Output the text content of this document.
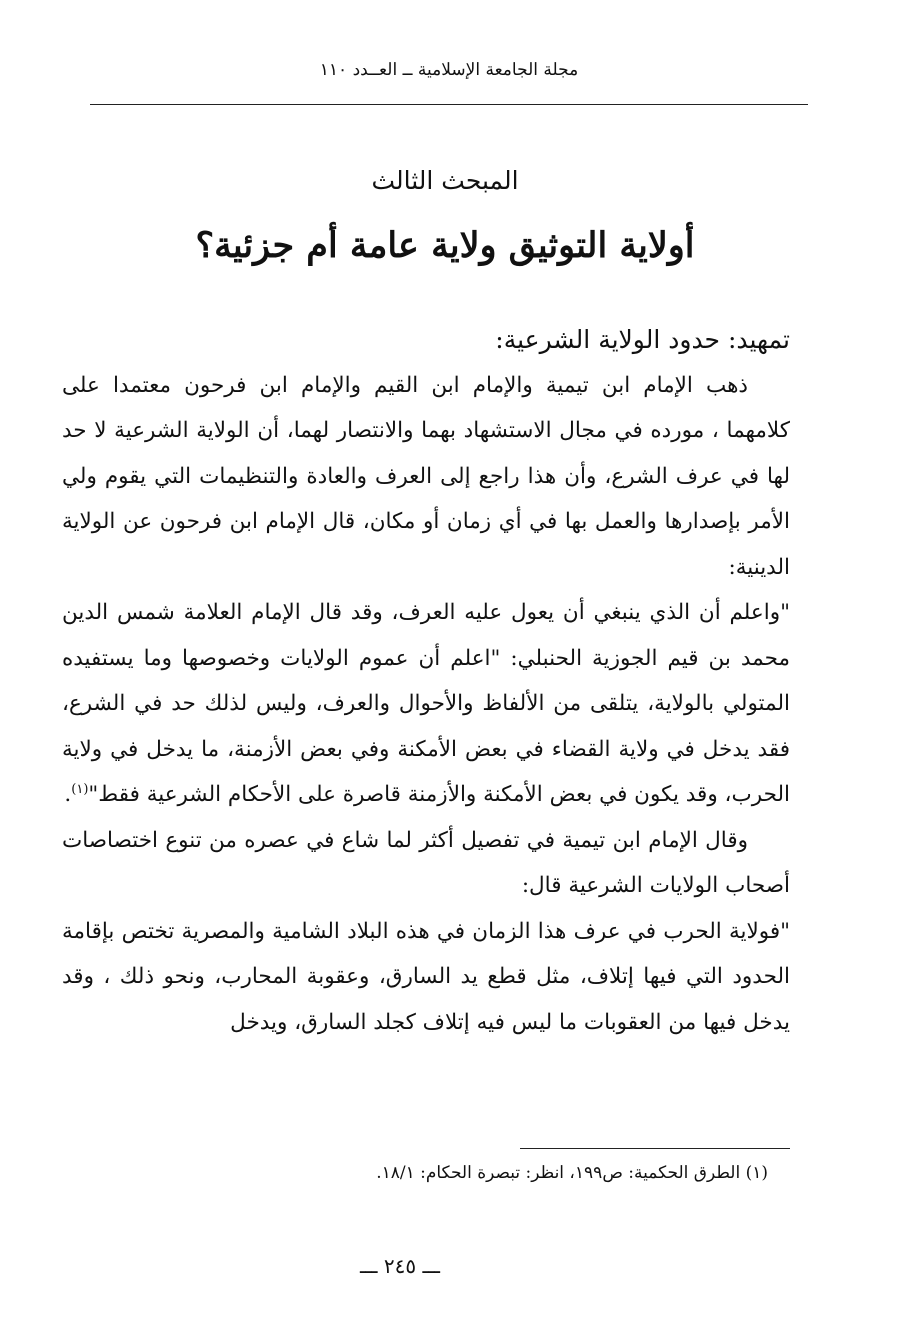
مجلة الجامعة الإسلامية ــ العــدد ١١٠
المبحث الثالث
أولاية التوثيق ولاية عامة أم جزئية؟

تمهيد: حدود الولاية الشرعية:

ذهب الإمام ابن تيمية والإمام ابن القيم والإمام ابن فرحون معتمدا على كلامهما ، مورده في مجال الاستشهاد بهما والانتصار لهما، أن الولاية الشرعية لا حد لها في عرف الشرع، وأن هذا راجع إلى العرف والعادة والتنظيمات التي يقوم ولي الأمر بإصدارها والعمل بها في أي زمان أو مكان، قال الإمام ابن فرحون عن الولاية الدينية:

"واعلم أن الذي ينبغي أن يعول عليه العرف، وقد قال الإمام العلامة شمس الدين محمد بن قيم الجوزية الحنبلي: "اعلم أن عموم الولايات وخصوصها وما يستفيده المتولي بالولاية، يتلقى من الألفاظ والأحوال والعرف، وليس لذلك حد في الشرع، فقد يدخل في ولاية القضاء في بعض الأمكنة وفي بعض الأزمنة، ما يدخل في ولاية الحرب، وقد يكون في بعض الأمكنة والأزمنة قاصرة على الأحكام الشرعية فقط"$^{(١)}$.

وقال الإمام ابن تيمية في تفصيل أكثر لما شاع في عصره من تنوع اختصاصات أصحاب الولايات الشرعية قال:

"فولاية الحرب في عرف هذا الزمان في هذه البلاد الشامية والمصرية تختص بإقامة الحدود التي فيها إتلاف، مثل قطع يد السارق، وعقوبة المحارب، ونحو ذلك ، وقد يدخل فيها من العقوبات ما ليس فيه إتلاف كجلد السارق، ويدخل

(١) الطرق الحكمية: ص١٩٩، انظر: تبصرة الحكام: ١٨/١.
ـــ ٢٤٥ ـــ
